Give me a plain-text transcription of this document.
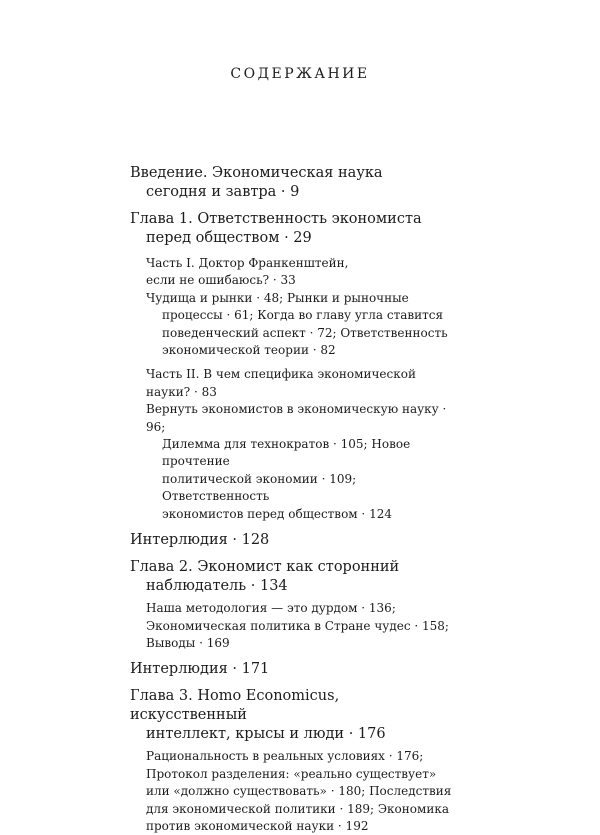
СОДЕРЖАНИЕ
Введение. Экономическая наука
сегодня и завтра · 9
Глава 1. Ответственность экономиста
перед обществом · 29
Часть I. Доктор Франкенштейн,
если не ошибаюсь? · 33
Чудища и рынки · 48; Рынки и рыночные
процессы · 61; Когда во главу угла ставится
поведенческий аспект · 72; Ответственность
экономической теории · 82
Часть II. В чем специфика экономической
науки? · 83
Вернуть экономистов в экономическую науку · 96;
Дилемма для технократов · 105; Новое прочтение
политической экономии · 109; Ответственность
экономистов перед обществом · 124
Интерлюдия · 128
Глава 2. Экономист как сторонний
наблюдатель · 134
Наша методология — это дурдом · 136;
Экономическая политика в Стране чудес · 158;
Выводы · 169
Интерлюдия · 171
Глава 3. Homo Economicus, искусственный
интеллект, крысы и люди · 176
Рациональность в реальных условиях · 176;
Протокол разделения: «реально существует»
или «должно существовать» · 180; Последствия
для экономической политики · 189; Экономика
против экономической науки · 192
